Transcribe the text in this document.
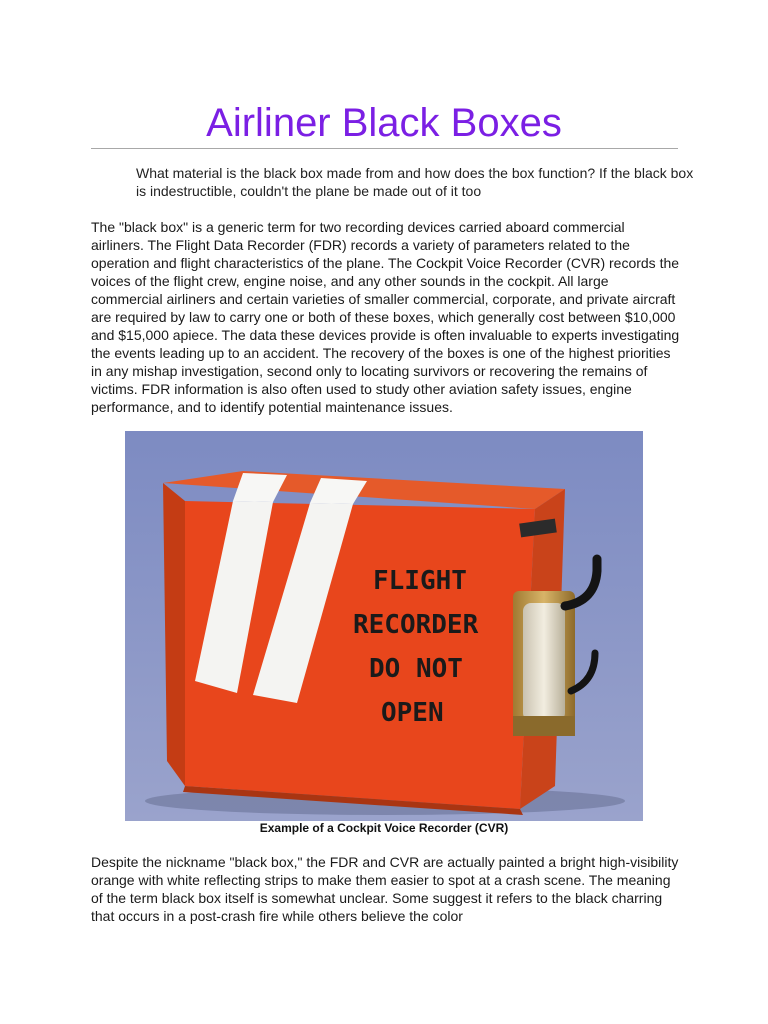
Airliner Black Boxes
What material is the black box made from and how does the box function? If the black box is indestructible, couldn't the plane be made out of it too
The "black box" is a generic term for two recording devices carried aboard commercial airliners. The Flight Data Recorder (FDR) records a variety of parameters related to the operation and flight characteristics of the plane. The Cockpit Voice Recorder (CVR) records the voices of the flight crew, engine noise, and any other sounds in the cockpit. All large commercial airliners and certain varieties of smaller commercial, corporate, and private aircraft are required by law to carry one or both of these boxes, which generally cost between $10,000 and $15,000 apiece. The data these devices provide is often invaluable to experts investigating the events leading up to an accident. The recovery of the boxes is one of the highest priorities in any mishap investigation, second only to locating survivors or recovering the remains of victims. FDR information is also often used to study other aviation safety issues, engine performance, and to identify potential maintenance issues.
FLIGHT
RECORDER
DO NOT
OPEN
Example of a Cockpit Voice Recorder (CVR)
Despite the nickname "black box," the FDR and CVR are actually painted a bright high-visibility orange with white reflecting strips to make them easier to spot at a crash scene. The meaning of the term black box itself is somewhat unclear. Some suggest it refers to the black charring that occurs in a post-crash fire while others believe the color
